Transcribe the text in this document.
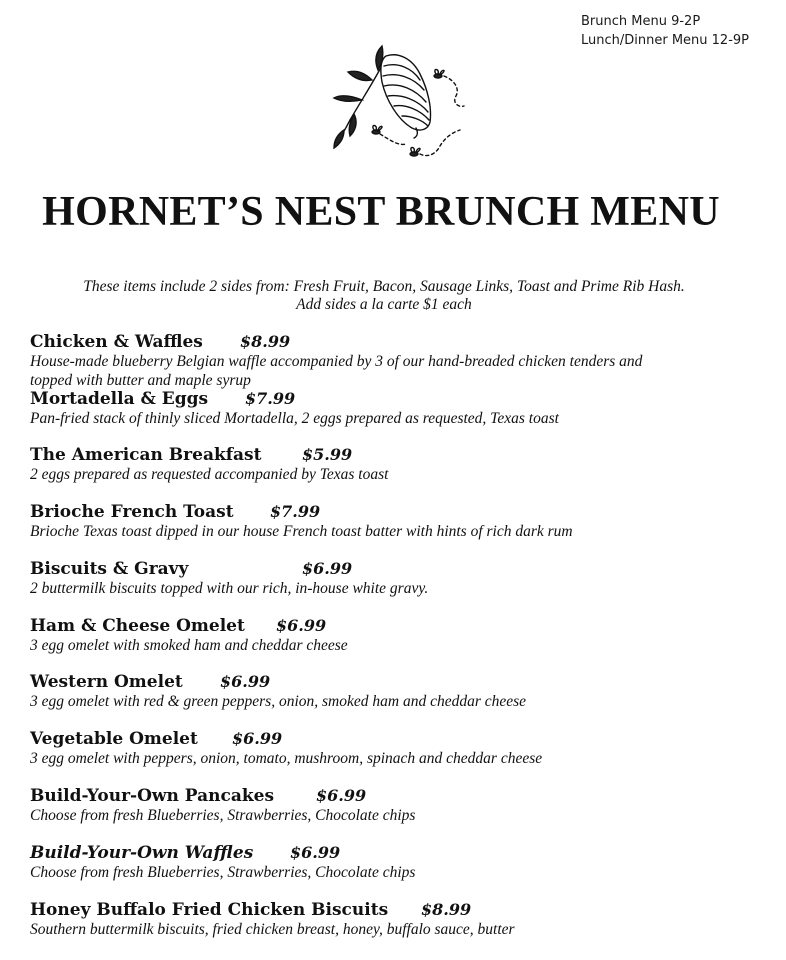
Brunch Menu 9-2P
Lunch/Dinner Menu 12-9P
HORNET’S NEST BRUNCH MENU
These items include 2 sides from: Fresh Fruit, Bacon, Sausage Links, Toast and Prime Rib Hash.
Add sides a la carte $1 each
Chicken & Waffles $8.99
House-made blueberry Belgian waffle accompanied by 3 of our hand-breaded chicken tenders and
topped with butter and maple syrup
Mortadella & Eggs $7.99
Pan-fried stack of thinly sliced Mortadella, 2 eggs prepared as requested, Texas toast
The American Breakfast	$5.99
2 eggs prepared as requested accompanied by Texas toast
Brioche French Toast $7.99
Brioche Texas toast dipped in our house French toast batter with hints of rich dark rum
Biscuits & Gravy	$6.99
2 buttermilk biscuits topped with our rich, in-house white gravy.
Ham & Cheese Omelet $6.99
3 egg omelet with smoked ham and cheddar cheese
Western Omelet $6.99
3 egg omelet with red & green peppers, onion, smoked ham and cheddar cheese
Vegetable Omelet $6.99
3 egg omelet with peppers, onion, tomato, mushroom, spinach and cheddar cheese
Build-Your-Own Pancakes	$6.99
Choose from fresh Blueberries, Strawberries, Chocolate chips
Build-Your-Own Waffles $6.99
Choose from fresh Blueberries, Strawberries, Chocolate chips
Honey Buffalo Fried Chicken Biscuits $8.99
Southern buttermilk biscuits, fried chicken breast, honey, buffalo sauce, butter
